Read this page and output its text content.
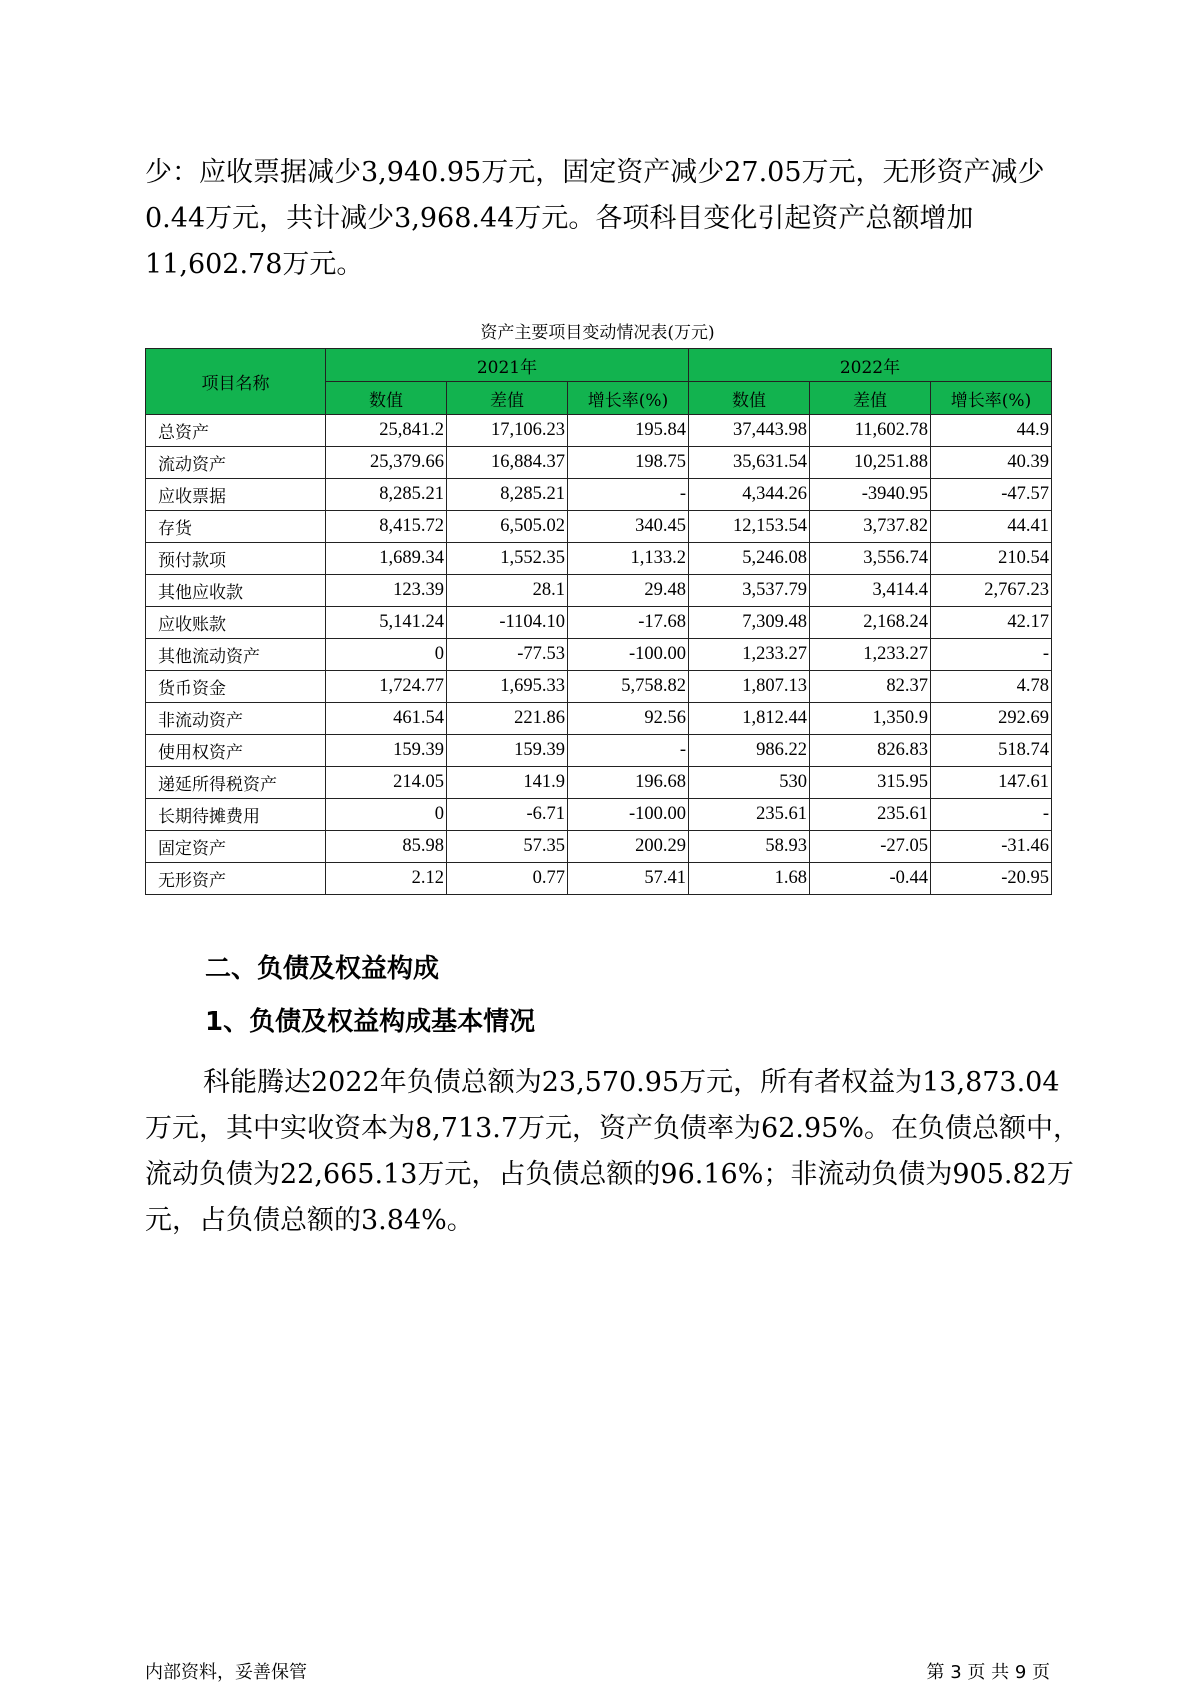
少：应收票据减少3,940.95万元，固定资产减少27.05万元，无形资产减少
0.44万元，共计减少3,968.44万元。各项科目变化引起资产总额增加
11,602.78万元。

资产主要项目变动情况表(万元)
项目名称	2021年			2022年		
	数值	差值	增长率(%)	数值	差值	增长率(%)
总资产	25,841.2	17,106.23	195.84	37,443.98	11,602.78	44.9
流动资产	25,379.66	16,884.37	198.75	35,631.54	10,251.88	40.39
应收票据	8,285.21	8,285.21	-	4,344.26	-3940.95	-47.57
存货	8,415.72	6,505.02	340.45	12,153.54	3,737.82	44.41
预付款项	1,689.34	1,552.35	1,133.2	5,246.08	3,556.74	210.54
其他应收款	123.39	28.1	29.48	3,537.79	3,414.4	2,767.23
应收账款	5,141.24	-1104.10	-17.68	7,309.48	2,168.24	42.17
其他流动资产	0	-77.53	-100.00	1,233.27	1,233.27	-
货币资金	1,724.77	1,695.33	5,758.82	1,807.13	82.37	4.78
非流动资产	461.54	221.86	92.56	1,812.44	1,350.9	292.69
使用权资产	159.39	159.39	-	986.22	826.83	518.74
递延所得税资产	214.05	141.9	196.68	530	315.95	147.61
长期待摊费用	0	-6.71	-100.00	235.61	235.61	-
固定资产	85.98	57.35	200.29	58.93	-27.05	-31.46
无形资产	2.12	0.77	57.41	1.68	-0.44	-20.95
二、负债及权益构成
1、负债及权益构成基本情况

科能腾达2022年负债总额为23,570.95万元，所有者权益为13,873.04
万元，其中实收资本为8,713.7万元，资产负债率为62.95%。在负债总额中，
流动负债为22,665.13万元，占负债总额的96.16%；非流动负债为905.82万
元，占负债总额的3.84%。

内部资料，妥善保管	第 3 页 共 9 页
